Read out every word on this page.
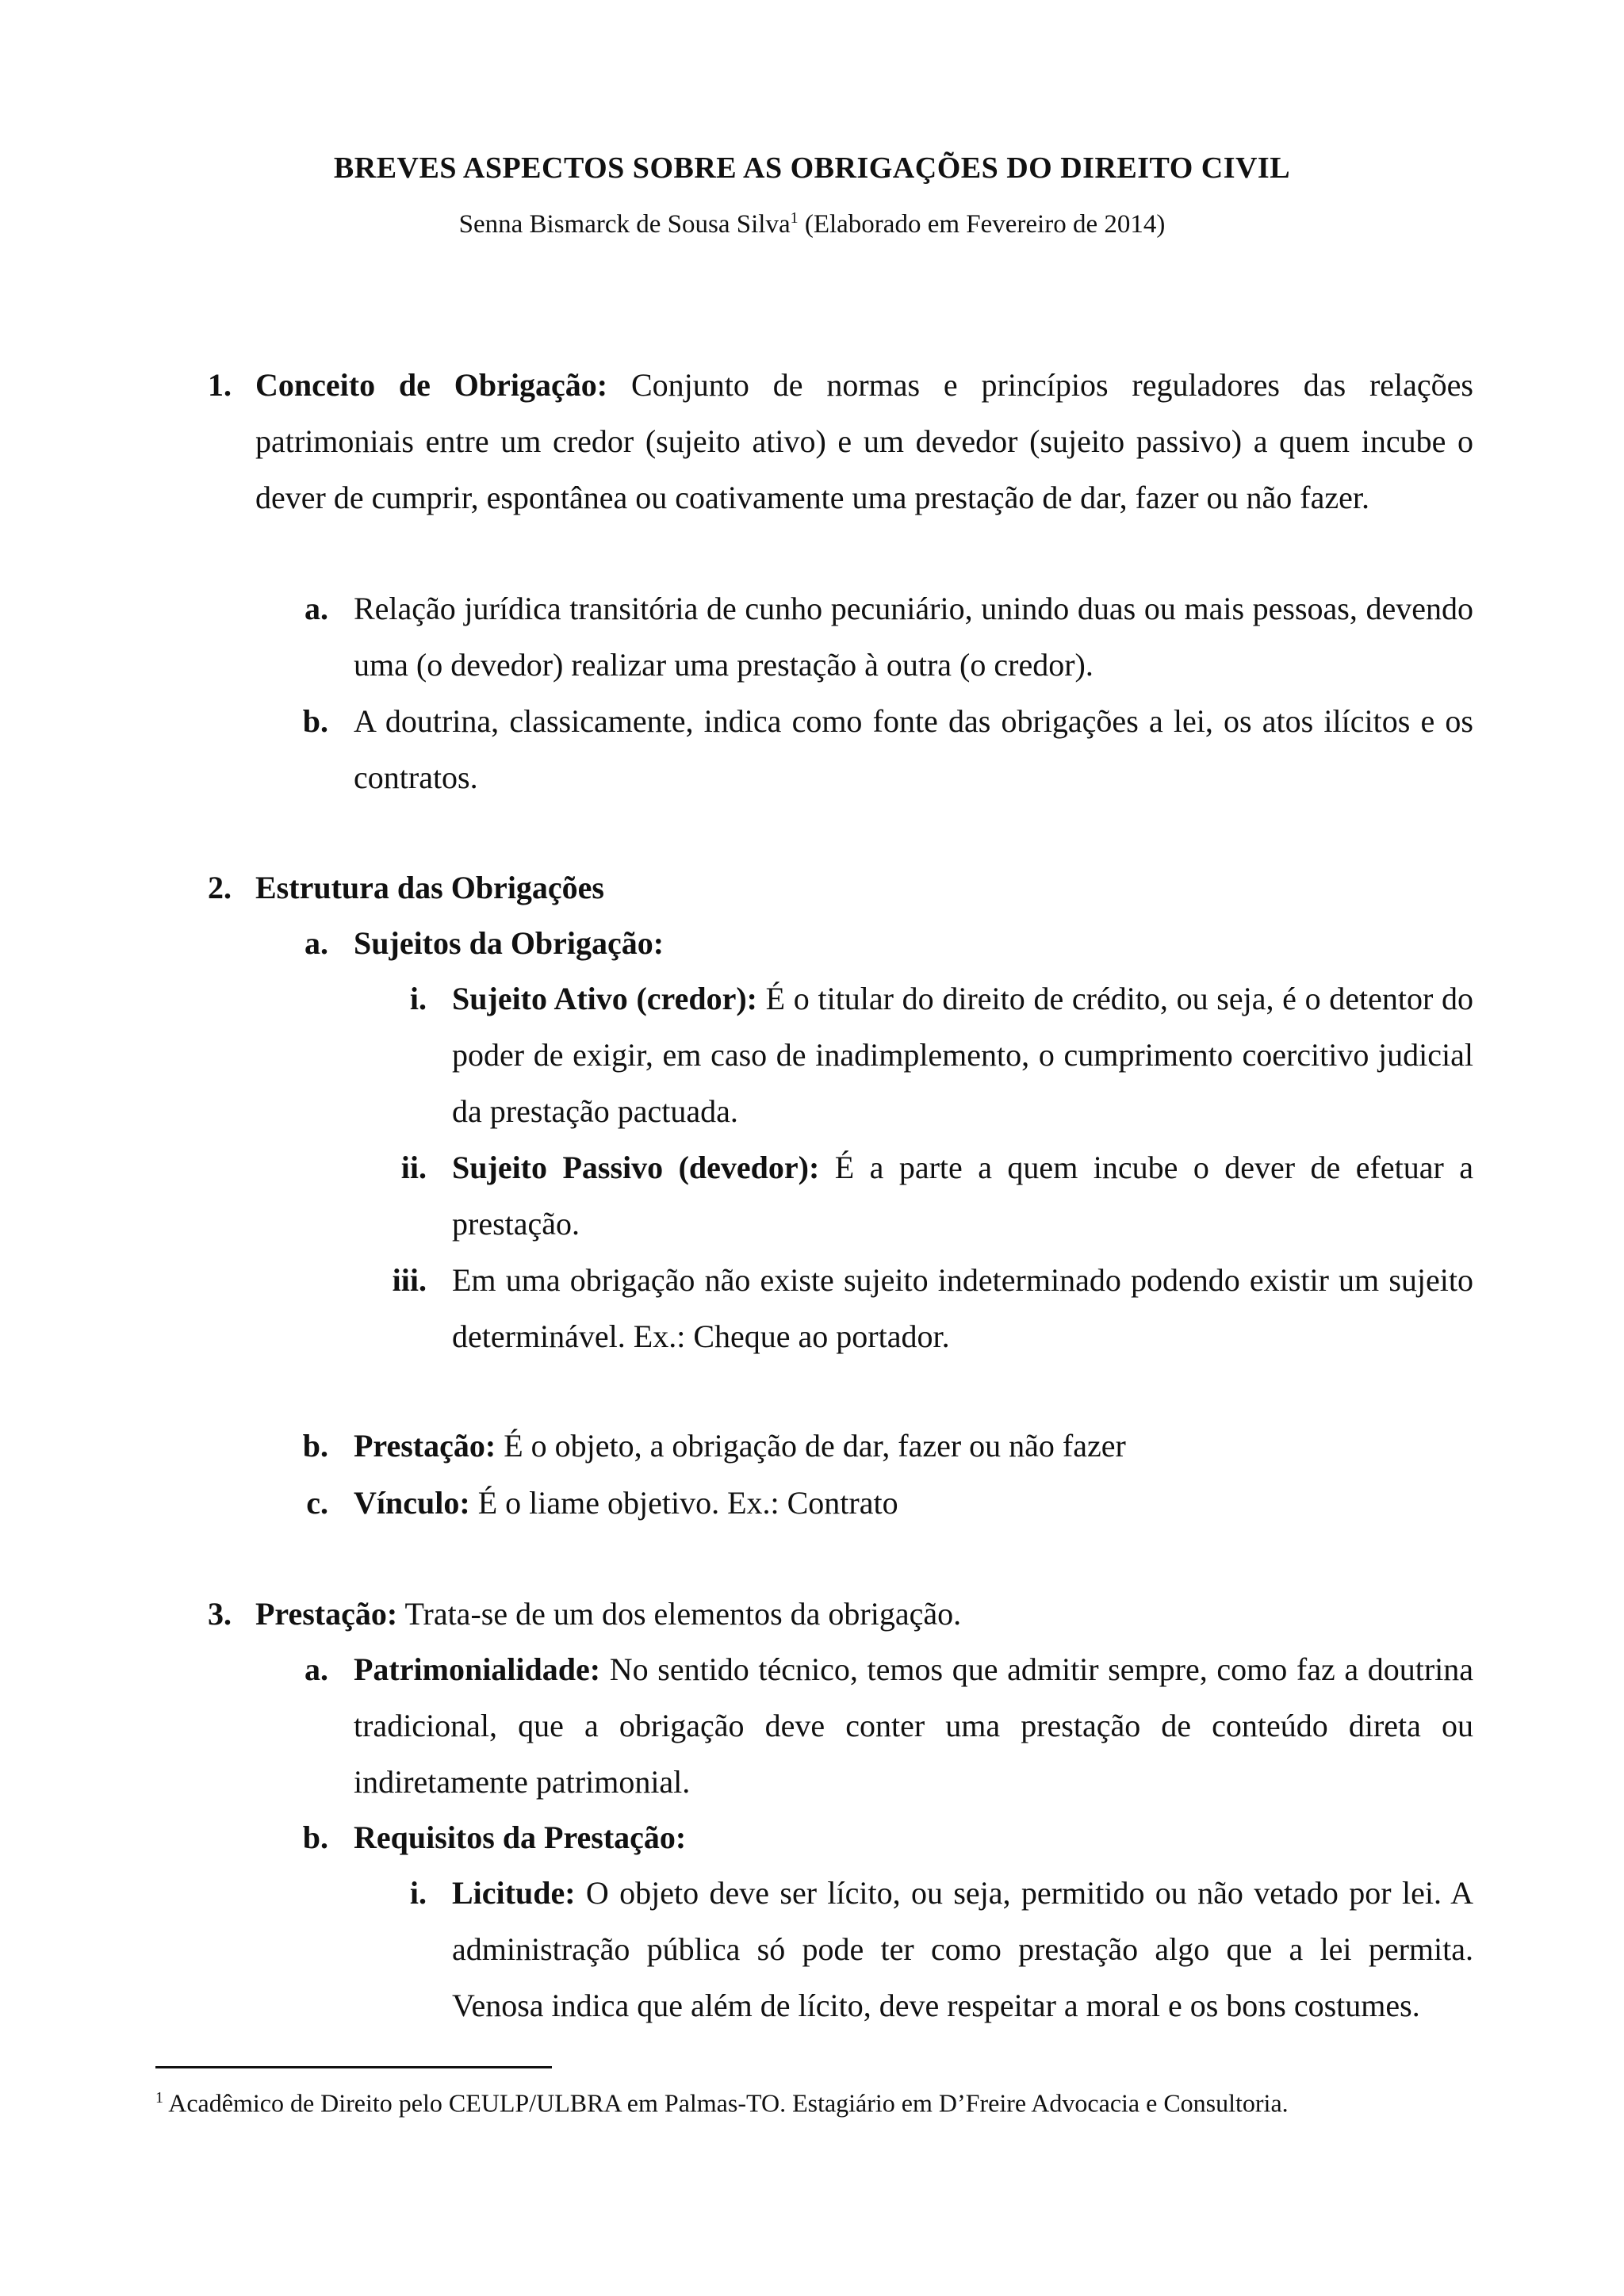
BREVES ASPECTOS SOBRE AS OBRIGAÇÕES DO DIREITO CIVIL
Senna Bismarck de Sousa Silva$^1$ (Elaborado em Fevereiro de 2014)
1. Conceito de Obrigação: Conjunto de normas e princípios reguladores das relações patrimoniais entre um credor (sujeito ativo) e um devedor (sujeito passivo) a quem incube o dever de cumprir, espontânea ou coativamente uma prestação de dar, fazer ou não fazer.
a. Relação jurídica transitória de cunho pecuniário, unindo duas ou mais pessoas, devendo uma (o devedor) realizar uma prestação à outra (o credor).
b. A doutrina, classicamente, indica como fonte das obrigações a lei, os atos ilícitos e os contratos.
2. Estrutura das Obrigações
a. Sujeitos da Obrigação:
i. Sujeito Ativo (credor): É o titular do direito de crédito, ou seja, é o detentor do poder de exigir, em caso de inadimplemento, o cumprimento coercitivo judicial da prestação pactuada.
ii. Sujeito Passivo (devedor): É a parte a quem incube o dever de efetuar a prestação.
iii. Em uma obrigação não existe sujeito indeterminado podendo existir um sujeito determinável. Ex.: Cheque ao portador.
b. Prestação: É o objeto, a obrigação de dar, fazer ou não fazer
c. Vínculo: É o liame objetivo. Ex.: Contrato
3. Prestação: Trata-se de um dos elementos da obrigação.
a. Patrimonialidade: No sentido técnico, temos que admitir sempre, como faz a doutrina tradicional, que a obrigação deve conter uma prestação de conteúdo direta ou indiretamente patrimonial.
b. Requisitos da Prestação:
i. Licitude: O objeto deve ser lícito, ou seja, permitido ou não vetado por lei. A administração pública só pode ter como prestação algo que a lei permita. Venosa indica que além de lícito, deve respeitar a moral e os bons costumes.
$^1$ Acadêmico de Direito pelo CEULP/ULBRA em Palmas-TO. Estagiário em D’Freire Advocacia e Consultoria.
